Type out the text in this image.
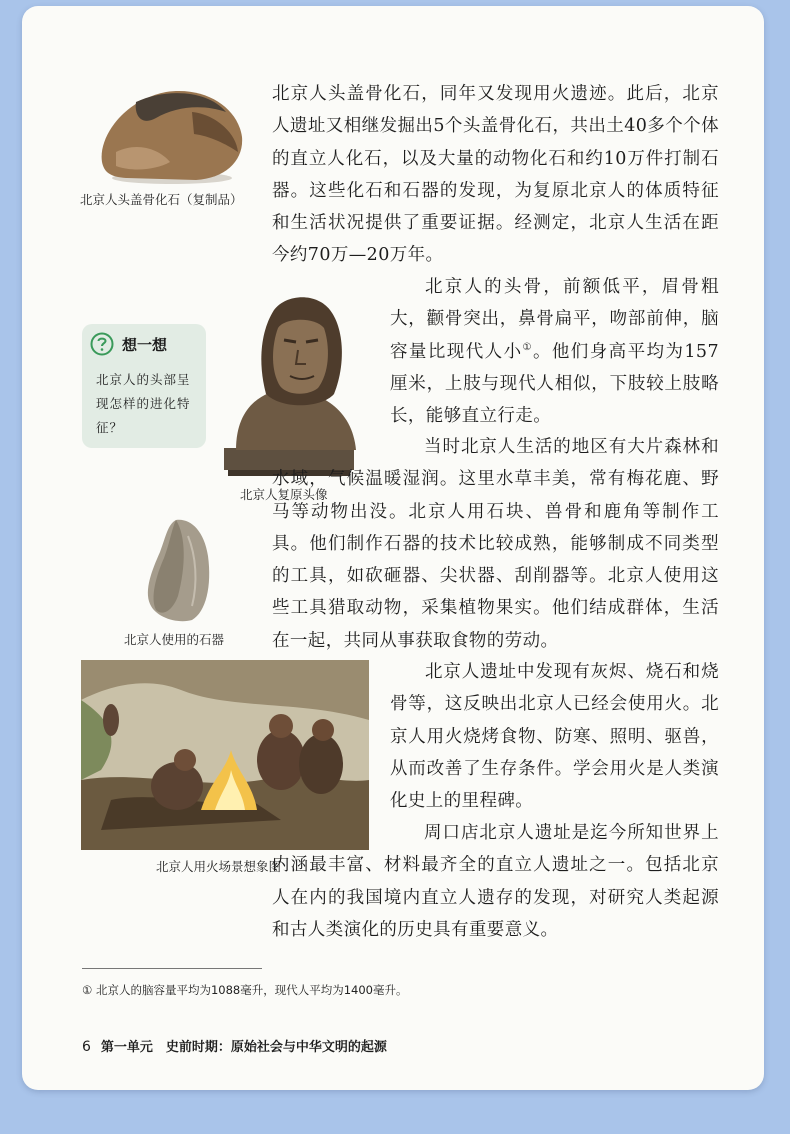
北京人头盖骨化石（复制品）

北京人头盖骨化石，同年又发现用火遗迹。此后，北京人遗址又相继发掘出5个头盖骨化石，共出土40多个个体的直立人化石，以及大量的动物化石和约10万件打制石器。这些化石和石器的发现，为复原北京人的体质特征和生活状况提供了重要证据。经测定，北京人生活在距今约70万—20万年。

北京人复原头像
想一想

北京人的头部呈现怎样的进化特征？

北京人的头骨，前额低平，眉骨粗大，颧骨突出，鼻骨扁平，吻部前伸，脑容量比现代人小①。他们身高平均为157厘米，上肢与现代人相似，下肢较上肢略长，能够直立行走。

北京人使用的石器

当时北京人生活的地区有大片森林和水域，气候温暖湿润。这里水草丰美，常有梅花鹿、野马等动物出没。北京人用石块、兽骨和鹿角等制作工具。他们制作石器的技术比较成熟，能够制成不同类型的工具，如砍砸器、尖状器、刮削器等。北京人使用这些工具猎取动物，采集植物果实。他们结成群体，生活在一起，共同从事获取食物的劳动。

北京人用火场景想象图

北京人遗址中发现有灰烬、烧石和烧骨等，这反映出北京人已经会使用火。北京人用火烧烤食物、防寒、照明、驱兽，从而改善了生存条件。学会用火是人类演化史上的里程碑。

周口店北京人遗址是迄今所知世界上内涵最丰富、材料最齐全的直立人遗址之一。包括北京人在内的我国境内直立人遗存的发现，对研究人类起源和古人类演化的历史具有重要意义。

① 北京人的脑容量平均为1088毫升，现代人平均为1400毫升。
6 第一单元　史前时期：原始社会与中华文明的起源
